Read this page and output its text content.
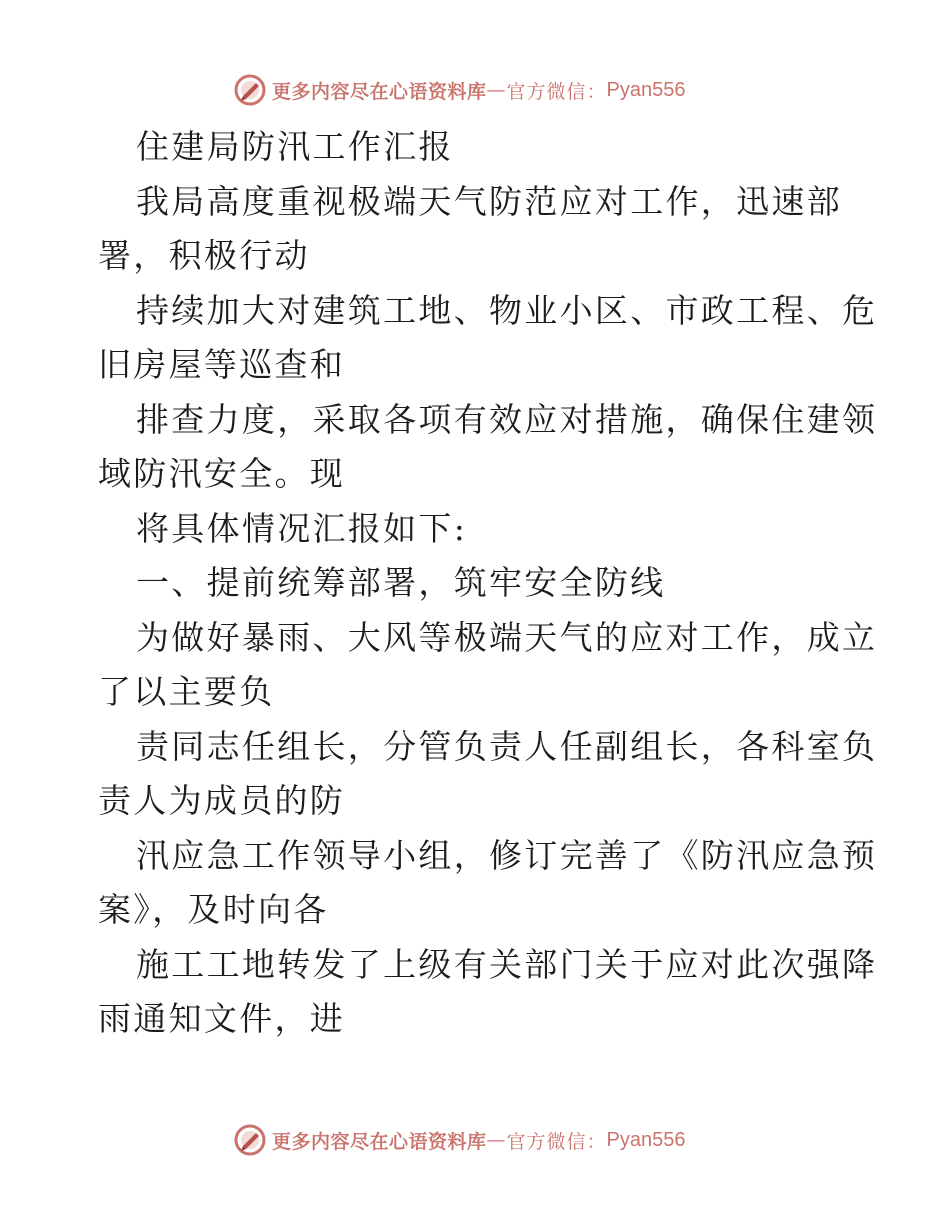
更多内容尽在心语资料库 — 官方微信： Pyan556
住建局防汛工作汇报
我局高度重视极端天气防范应对工作，迅速部
署，积极行动
持续加大对建筑工地、物业小区、市政工程、危
旧房屋等巡查和
排查力度，采取各项有效应对措施，确保住建领
域防汛安全。现
将具体情况汇报如下:
一、提前统筹部署，筑牢安全防线
为做好暴雨、大风等极端天气的应对工作，成立
了以主要负
责同志任组长，分管负责人任副组长，各科室负
责人为成员的防
汛应急工作领导小组，修订完善了《防汛应急预
案》，及时向各
施工工地转发了上级有关部门关于应对此次强降
雨通知文件，进
更多内容尽在心语资料库 — 官方微信： Pyan556
